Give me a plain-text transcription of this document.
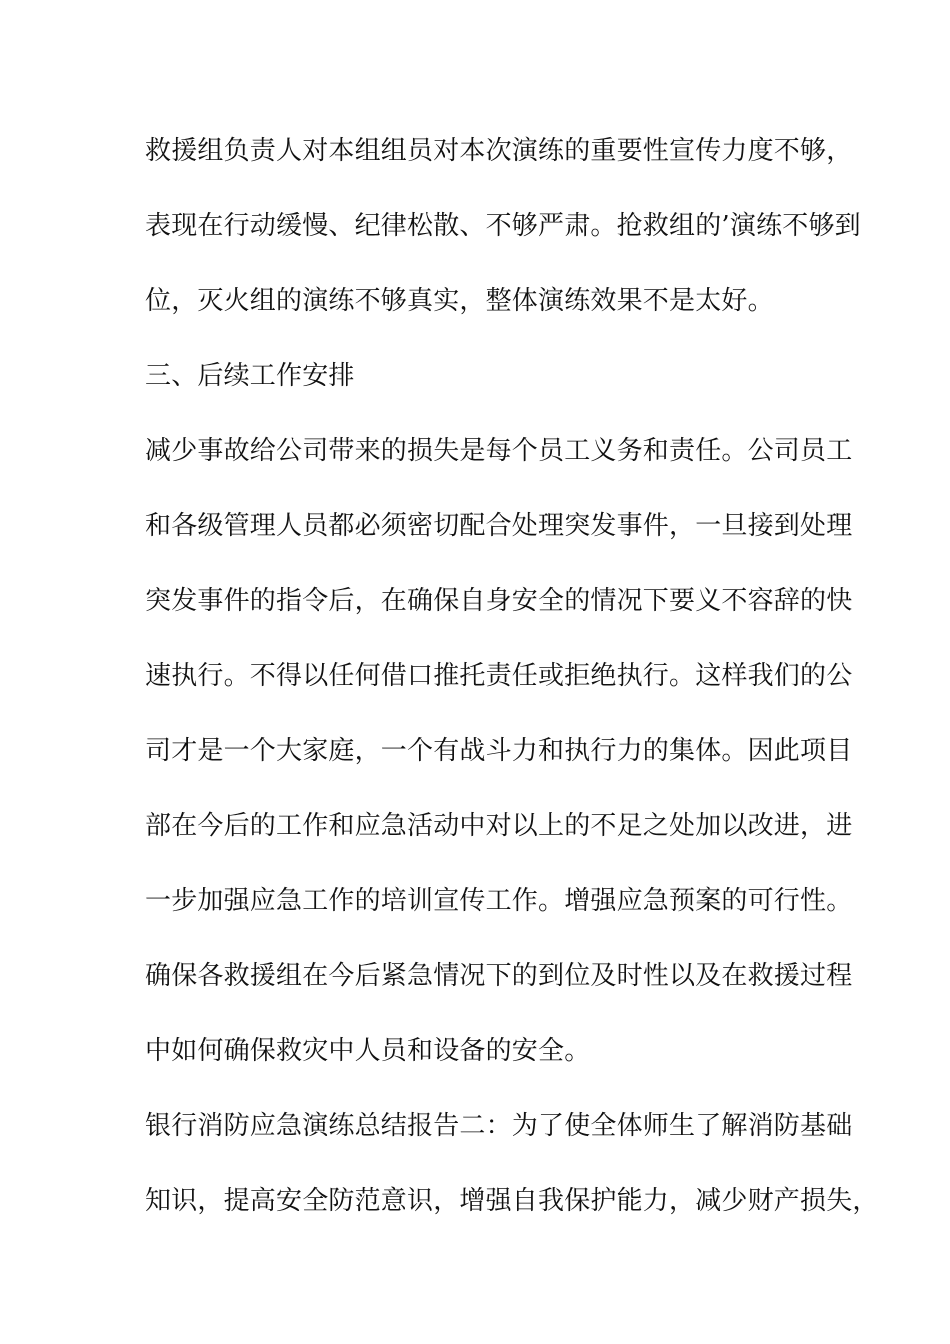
救援组负责人对本组组员对本次演练的重要性宣传力度不够，
表现在行动缓慢、纪律松散、不够严肃。抢救组的’演练不够到
位，灭火组的演练不够真实，整体演练效果不是太好。
三、后续工作安排
减少事故给公司带来的损失是每个员工义务和责任。公司员工
和各级管理人员都必须密切配合处理突发事件，一旦接到处理
突发事件的指令后，在确保自身安全的情况下要义不容辞的快
速执行。不得以任何借口推托责任或拒绝执行。这样我们的公
司才是一个大家庭，一个有战斗力和执行力的集体。因此项目
部在今后的工作和应急活动中对以上的不足之处加以改进，进
一步加强应急工作的培训宣传工作。增强应急预案的可行性。
确保各救援组在今后紧急情况下的到位及时性以及在救援过程
中如何确保救灾中人员和设备的安全。
银行消防应急演练总结报告二：为了使全体师生了解消防基础
知识，提高安全防范意识，增强自我保护能力，减少财产损失，
